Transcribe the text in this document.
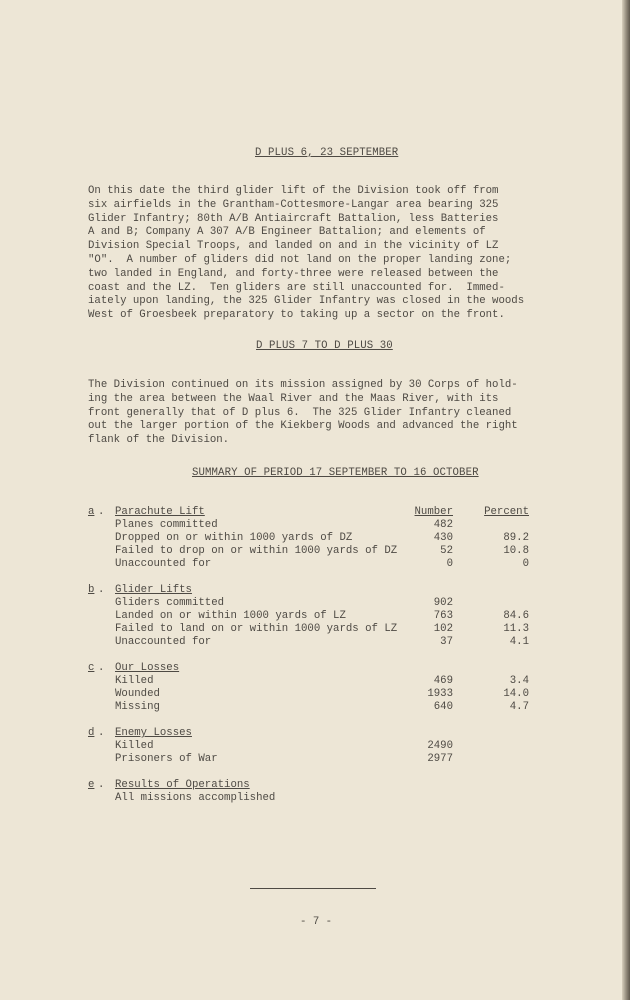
D PLUS 6, 23 SEPTEMBER
On this date the third glider lift of the Division took off from
six airfields in the Grantham-Cottesmore-Langar area bearing 325
Glider Infantry; 80th A/B Antiaircraft Battalion, less Batteries
A and B; Company A 307 A/B Engineer Battalion; and elements of
Division Special Troops, and landed on and in the vicinity of LZ
"O".  A number of gliders did not land on the proper landing zone;
two landed in England, and forty-three were released between the
coast and the LZ.  Ten gliders are still unaccounted for.  Immed-
iately upon landing, the 325 Glider Infantry was closed in the woods
West of Groesbeek preparatory to taking up a sector on the front.
D PLUS 7 TO D PLUS 30
The Division continued on its mission assigned by 30 Corps of hold-
ing the area between the Waal River and the Maas River, with its
front generally that of D plus 6.  The 325 Glider Infantry cleaned
out the larger portion of the Kiekberg Woods and advanced the right
flank of the Division.
SUMMARY OF PERIOD 17 SEPTEMBER TO 16 OCTOBER
a . Parachute Lift	Number	Percent
Planes committed	482
Dropped on or within 1000 yards of DZ	430	89.2
Failed to drop on or within 1000 yards of DZ	52	10.8
Unaccounted for	0	0
b . Glider Lifts
Gliders committed	902
Landed on or within 1000 yards of LZ	763	84.6
Failed to land on or within 1000 yards of LZ	102	11.3
Unaccounted for	37	4.1
c . Our Losses
Killed	469	3.4
Wounded	1933	14.0
Missing	640	4.7
d . Enemy Losses
Killed	2490
Prisoners of War	2977
e . Results of Operations
All missions accomplished
- 7 -
